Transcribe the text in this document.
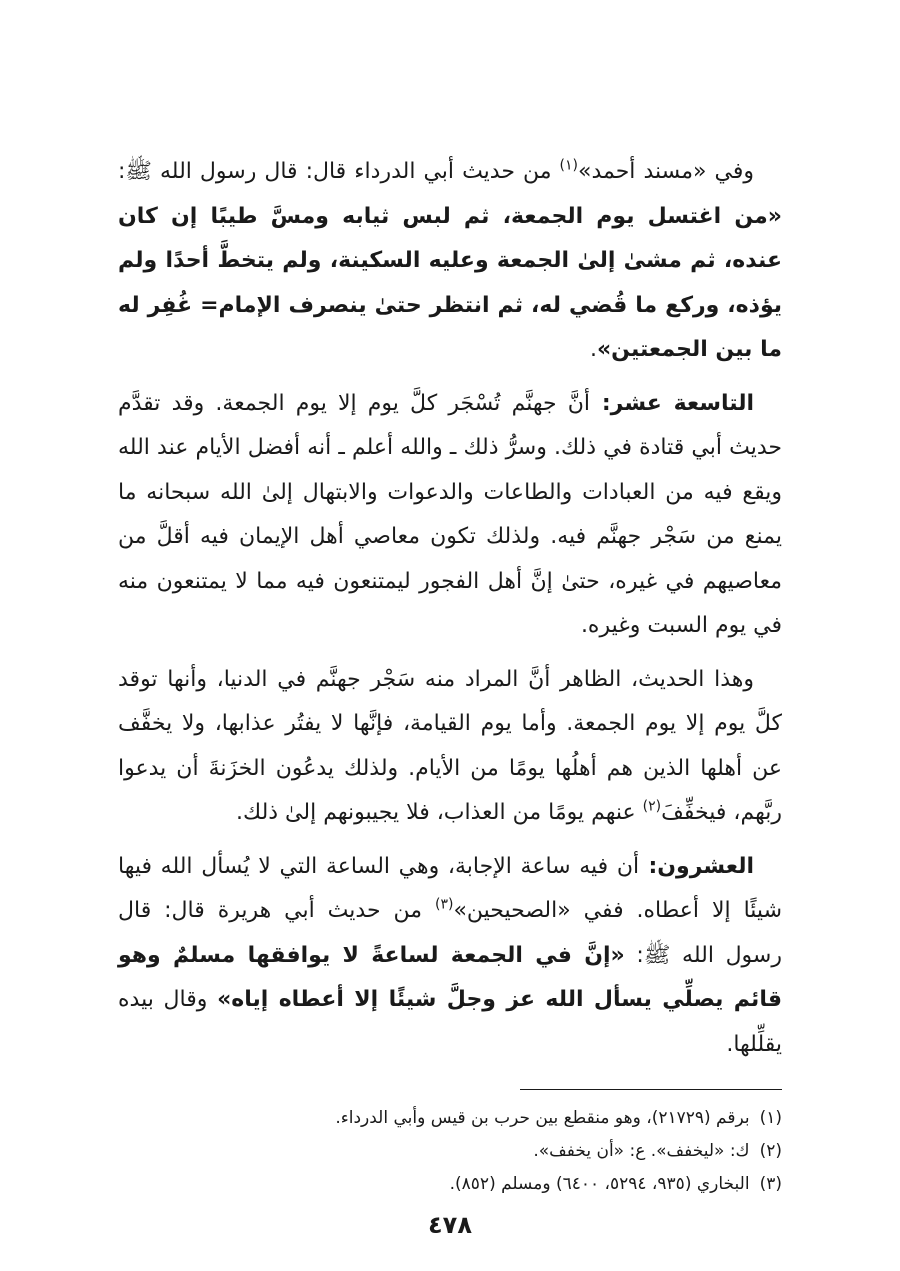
وفي «مسند أحمد»$^{(١)}$ من حديث أبي الدرداء قال: قال رسول الله ﷺ: «من اغتسل يوم الجمعة، ثم لبس ثيابه ومسَّ طيبًا إن كان عنده، ثم مشىٰ إلىٰ الجمعة وعليه السكينة، ولم يتخطَّ أحدًا ولم يؤذه، وركع ما قُضي له، ثم انتظر حتىٰ ينصرف الإمام= غُفِر له ما بين الجمعتين».

التاسعة عشر: أنَّ جهنَّم تُسْجَر كلَّ يوم إلا يوم الجمعة. وقد تقدَّم حديث أبي قتادة في ذلك. وسرُّ ذلك ـ والله أعلم ـ أنه أفضل الأيام عند الله ويقع فيه من العبادات والطاعات والدعوات والابتهال إلىٰ الله سبحانه ما يمنع من سَجْر جهنَّم فيه. ولذلك تكون معاصي أهل الإيمان فيه أقلَّ من معاصيهم في غيره، حتىٰ إنَّ أهل الفجور ليمتنعون فيه مما لا يمتنعون منه في يوم السبت وغيره.

وهذا الحديث، الظاهر أنَّ المراد منه سَجْر جهنَّم في الدنيا، وأنها توقد كلَّ يوم إلا يوم الجمعة. وأما يوم القيامة، فإنَّها لا يفتُر عذابها، ولا يخفَّف عن أهلها الذين هم أهلُها يومًا من الأيام. ولذلك يدعُون الخزَنةَ أن يدعوا ربَّهم، فيخفِّفَ$^{(٢)}$ عنهم يومًا من العذاب، فلا يجيبونهم إلىٰ ذلك.

العشرون: أن فيه ساعة الإجابة، وهي الساعة التي لا يُسأل الله فيها شيئًا إلا أعطاه. ففي «الصحيحين»$^{(٣)}$ من حديث أبي هريرة قال: قال رسول الله ﷺ: «إنَّ في الجمعة لساعةً لا يوافقها مسلمٌ وهو قائم يصلِّي يسأل الله عز وجلَّ شيئًا إلا أعطاه إياه» وقال بيده يقلِّلها.

(١)برقم (٢١٧٢٩)، وهو منقطع بين حرب بن قيس وأبي الدرداء.
(٢)ك: «ليخفف». ع: «أن يخفف».
(٣)البخاري (٩٣٥، ٥٢٩٤، ٦٤٠٠) ومسلم (٨٥٢).
٤٧٨
